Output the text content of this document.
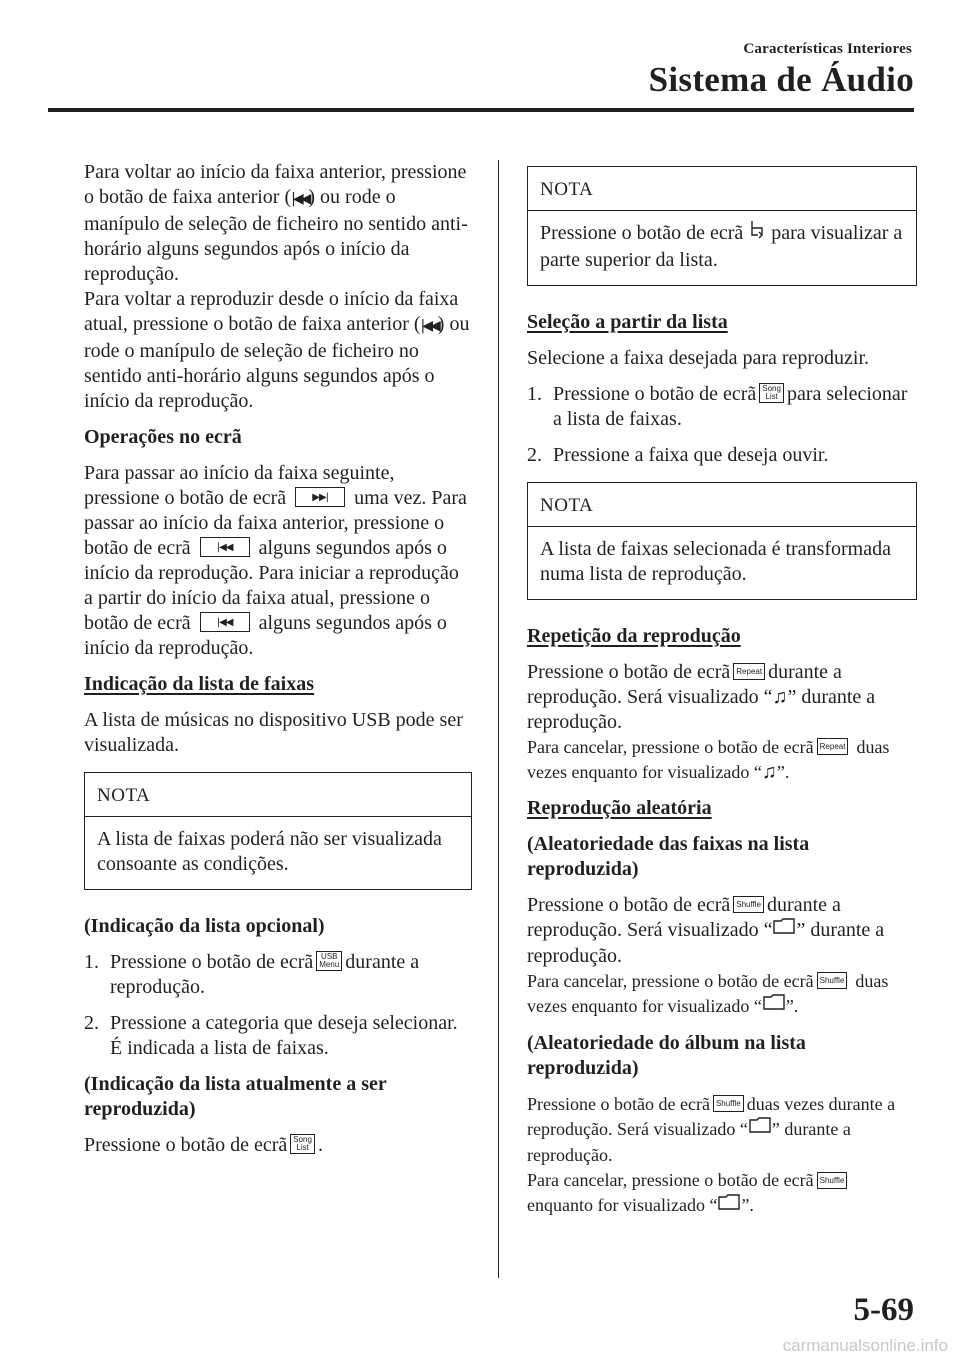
Características Interiores
Sistema de Áudio

Para voltar ao início da faixa anterior, pressione o botão de faixa anterior (|◀◀) ou rode o manípulo de seleção de ficheiro no sentido anti-horário alguns segundos após o início da reprodução.
Para voltar a reproduzir desde o início da faixa atual, pressione o botão de faixa anterior (|◀◀) ou rode o manípulo de seleção de ficheiro no sentido anti-horário alguns segundos após o início da reprodução.

Operações no ecrã

Para passar ao início da faixa seguinte, pressione o botão de ecrã	▶▶| uma vez. Para passar ao início da faixa anterior, pressione o botão de ecrã	|◀◀ alguns segundos após o início da reprodução. Para iniciar a reprodução a partir do início da faixa atual, pressione o botão de ecrã	|◀◀ alguns segundos após o início da reprodução.

Indicação da lista de faixas

A lista de músicas no dispositivo USB pode ser visualizada.

NOTA
A lista de faixas poderá não ser visualizada consoante as condições.

(Indicação da lista opcional)

1. Pressione o botão de ecrã USB
Menu durante a reprodução.
2. Pressione a categoria que deseja selecionar. É indicada a lista de faixas.

(Indicação da lista atualmente a ser reproduzida)

Pressione o botão de ecrã Song
List .

NOTA
Pressione o botão de ecrã para visualizar a parte superior da lista.

Seleção a partir da lista

Selecione a faixa desejada para reproduzir.

1. Pressione o botão de ecrã Song
List para selecionar a lista de faixas.
2. Pressione a faixa que deseja ouvir.
NOTA
A lista de faixas selecionada é transformada numa lista de reprodução.

Repetição da reprodução

Pressione o botão de ecrã Repeat durante a reprodução. Será visualizado “♫” durante a reprodução.
Para cancelar, pressione o botão de ecrã Repeat duas vezes enquanto for visualizado “♫”.

Reprodução aleatória

(Aleatoriedade das faixas na lista reproduzida)

Pressione o botão de ecrã Shuffle durante a reprodução. Será visualizado “ ” durante a reprodução.
Para cancelar, pressione o botão de ecrã Shuffle duas vezes enquanto for visualizado “ ”.

(Aleatoriedade do álbum na lista reproduzida)

Pressione o botão de ecrã Shuffle duas vezes durante a reprodução. Será visualizado “ ” durante a reprodução.
Para cancelar, pressione o botão de ecrã Shuffle enquanto for visualizado “ ”.

5-69
carmanualsonline.info
